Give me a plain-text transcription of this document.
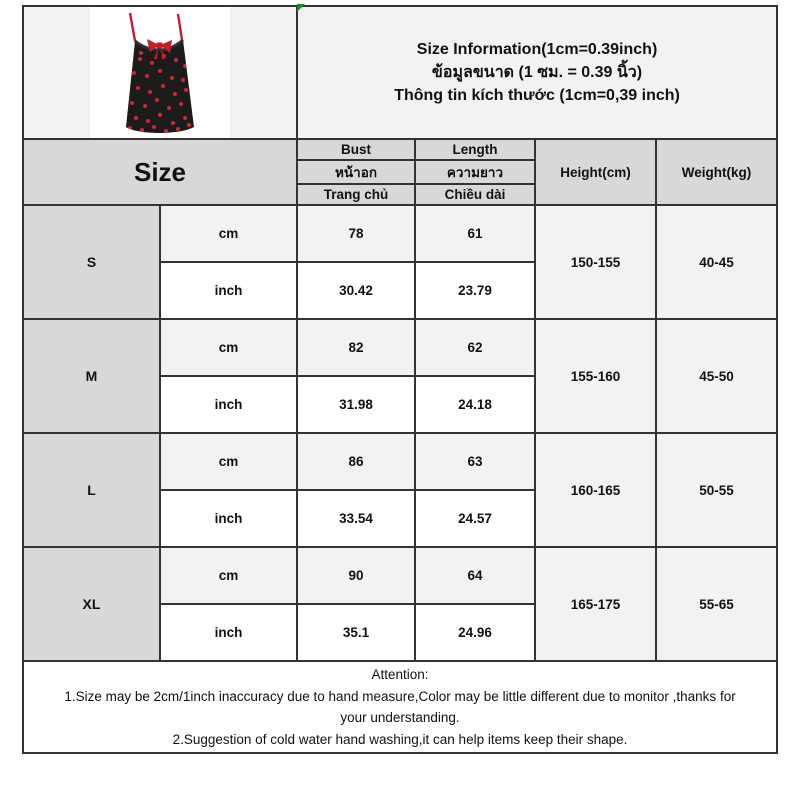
Size Information(1cm=0.39inch)
ข้อมูลขนาด (1 ซม. = 0.39 นิ้ว)
Thông tin kích thước (1cm=0,39 inch)			

Size		Bust	Length	Height(cm)	Weight(kg)
		หน้าอก	ความยาว		
		Trang chủ	Chiều dài		
S	cm	78	61	150-155	40-45
	inch	30.42	23.79		
M	cm	82	62	155-160	45-50
	inch	31.98	24.18		
L	cm	86	63	160-165	50-55
	inch	33.54	24.57		
XL	cm	90	64	165-175	55-65
	inch	35.1	24.96		

Attention:
1.Size may be 2cm/1inch inaccuracy due to hand measure,Color may be little different due to monitor ,thanks for
your understanding.
2.Suggestion of cold water hand washing,it can help items keep their shape.					
